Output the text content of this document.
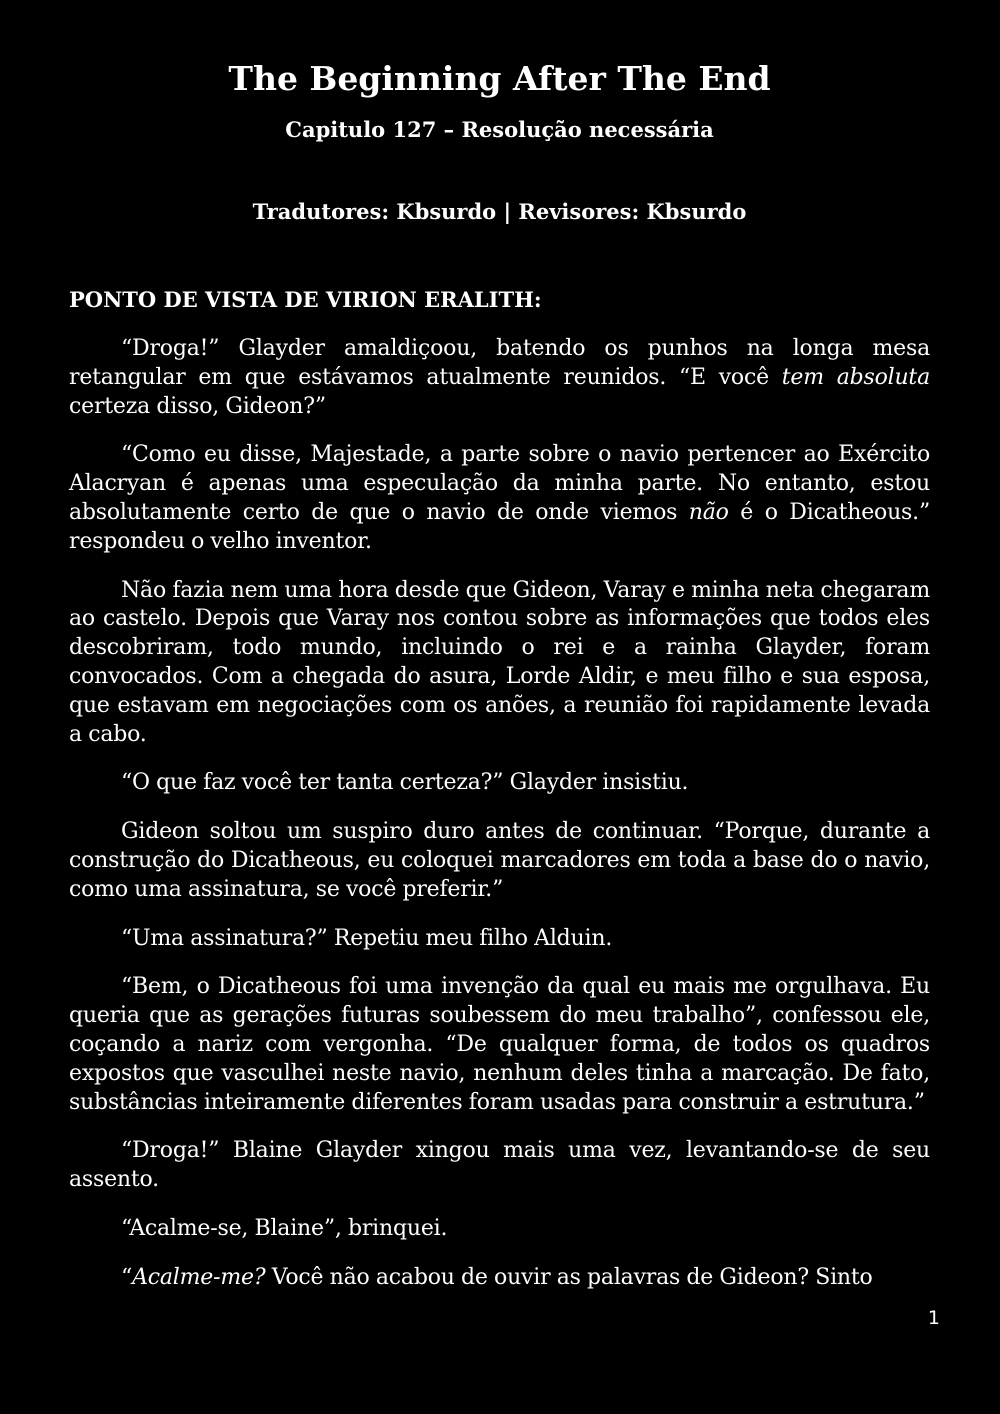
The Beginning After The End
Capitulo 127 – Resolução necessária
Tradutores: Kbsurdo | Revisores: Kbsurdo
PONTO DE VISTA DE VIRION ERALITH:

“Droga!” Glayder amaldiçoou, batendo os punhos na longa mesa retangular em que estávamos atualmente reunidos. “E você tem absoluta certeza disso, Gideon?”

“Como eu disse, Majestade, a parte sobre o navio pertencer ao Exército Alacryan é apenas uma especulação da minha parte. No entanto, estou absolutamente certo de que o navio de onde viemos não é o Dicatheous.” respondeu o velho inventor.

Não fazia nem uma hora desde que Gideon, Varay e minha neta chegaram ao castelo. Depois que Varay nos contou sobre as informações que todos eles descobriram, todo mundo, incluindo o rei e a rainha Glayder, foram convocados. Com a chegada do asura, Lorde Aldir, e meu filho e sua esposa, que estavam em negociações com os anões, a reunião foi rapidamente levada a cabo.

“O que faz você ter tanta certeza?” Glayder insistiu.

Gideon soltou um suspiro duro antes de continuar. “Porque, durante a construção do Dicatheous, eu coloquei marcadores em toda a base do o navio, como uma assinatura, se você preferir.”

“Uma assinatura?” Repetiu meu filho Alduin.

“Bem, o Dicatheous foi uma invenção da qual eu mais me orgulhava. Eu queria que as gerações futuras soubessem do meu trabalho”, confessou ele, coçando a nariz com vergonha. “De qualquer forma, de todos os quadros expostos que vasculhei neste navio, nenhum deles tinha a marcação. De fato, substâncias inteiramente diferentes foram usadas para construir a estrutura.”

“Droga!” Blaine Glayder xingou mais uma vez, levantando-se de seu assento.

“Acalme-se, Blaine”, brinquei.

“Acalme-me? Você não acabou de ouvir as palavras de Gideon? Sinto

1
